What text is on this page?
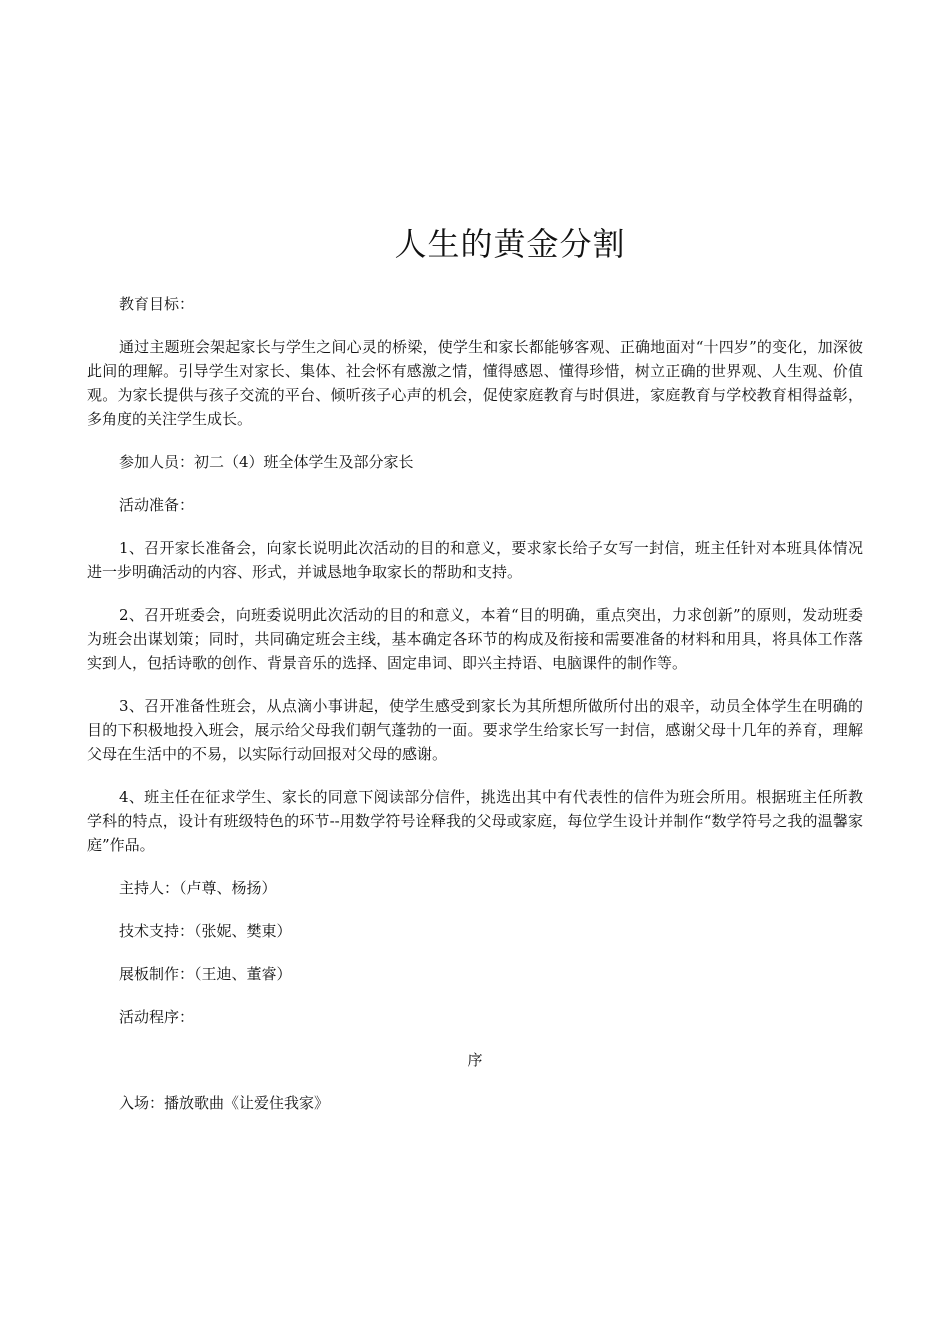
人生的黄金分割

教育目标：

通过主题班会架起家长与学生之间心灵的桥梁，使学生和家长都能够客观、正确地面对“十四岁”的变化，加深彼此间的理解。引导学生对家长、集体、社会怀有感激之情，懂得感恩、懂得珍惜，树立正确的世界观、人生观、价值观。为家长提供与孩子交流的平台、倾听孩子心声的机会，促使家庭教育与时俱进，家庭教育与学校教育相得益彰，多角度的关注学生成长。

参加人员：初二（4）班全体学生及部分家长

活动准备：

1、召开家长准备会，向家长说明此次活动的目的和意义，要求家长给子女写一封信，班主任针对本班具体情况进一步明确活动的内容、形式，并诚恳地争取家长的帮助和支持。

2、召开班委会，向班委说明此次活动的目的和意义，本着“目的明确，重点突出，力求创新”的原则，发动班委为班会出谋划策；同时，共同确定班会主线，基本确定各环节的构成及衔接和需要准备的材料和用具，将具体工作落实到人，包括诗歌的创作、背景音乐的选择、固定串词、即兴主持语、电脑课件的制作等。

3、召开准备性班会，从点滴小事讲起，使学生感受到家长为其所想所做所付出的艰辛，动员全体学生在明确的目的下积极地投入班会，展示给父母我们朝气蓬勃的一面。要求学生给家长写一封信，感谢父母十几年的养育，理解父母在生活中的不易，以实际行动回报对父母的感谢。

4、班主任在征求学生、家长的同意下阅读部分信件，挑选出其中有代表性的信件为班会所用。根据班主任所教学科的特点，设计有班级特色的环节--用数学符号诠释我的父母或家庭，每位学生设计并制作“数学符号之我的温馨家庭”作品。

主持人：（卢尊、杨扬）

技术支持：（张妮、樊東）

展板制作：（王迪、董睿）

活动程序：

序

入场：播放歌曲《让爱住我家》
